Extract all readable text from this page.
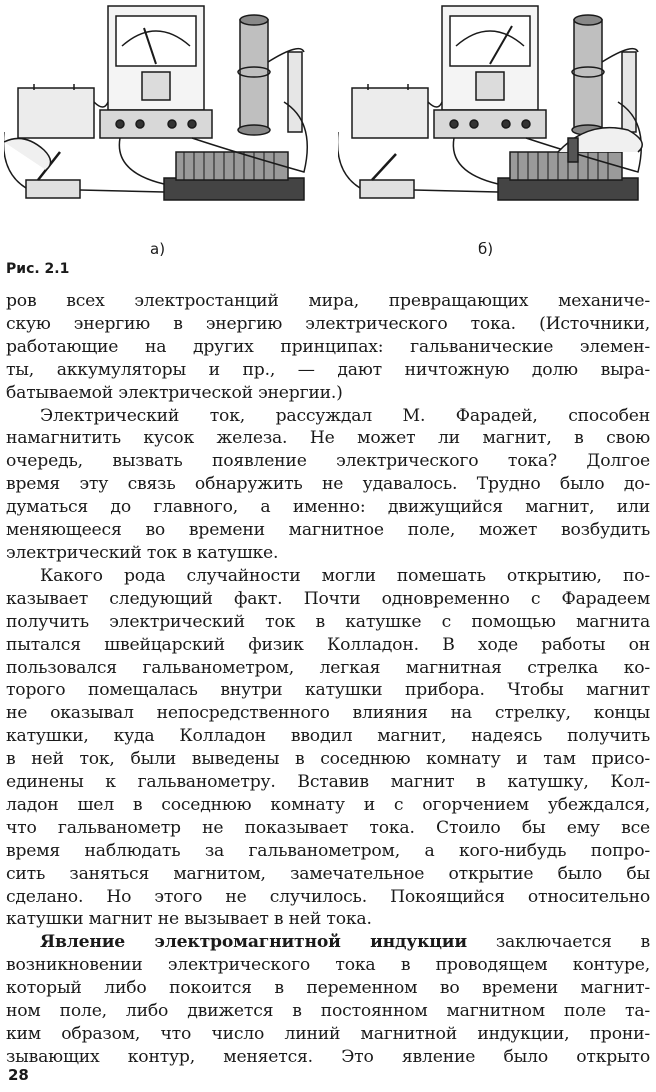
а)	б)
Рис. 2.1

ров всех электростанций мира, превращающих механиче-
скую энергию в энергию электрического тока. (Источники,
работающие на других принципах: гальванические элемен-
ты, аккумуляторы и пр., — дают ничтожную долю выра-
батываемой электрической энергии.)

Электрический ток, рассуждал М. Фарадей, способен
намагнитить кусок железа. Не может ли магнит, в свою
очередь, вызвать появление электрического тока? Долгое
время эту связь обнаружить не удавалось. Трудно было до-
думаться до главного, а именно: движущийся магнит, или
меняющееся во времени магнитное поле, может возбудить
электрический ток в катушке.

Какого рода случайности могли помешать открытию, по-
казывает следующий факт. Почти одновременно с Фарадеем
получить электрический ток в катушке с помощью магнита
пытался швейцарский физик Колладон. В ходе работы он
пользовался гальванометром, легкая магнитная стрелка ко-
торого помещалась внутри катушки прибора. Чтобы магнит
не оказывал непосредственного влияния на стрелку, концы
катушки, куда Колладон вводил магнит, надеясь получить
в ней ток, были выведены в соседнюю комнату и там присо-
единены к гальванометру. Вставив магнит в катушку, Кол-
ладон шел в соседнюю комнату и с огорчением убеждался,
что гальванометр не показывает тока. Стоило бы ему все
время наблюдать за гальванометром, а кого-нибудь попро-
сить заняться магнитом, замечательное открытие было бы
сделано. Но этого не случилось. Покоящийся относительно
катушки магнит не вызывает в ней тока.

Явление электромагнитной индукции заключается в
возникновении электрического тока в проводящем контуре,
который либо покоится в переменном во времени магнит-
ном поле, либо движется в постоянном магнитном поле та-
ким образом, что число линий магнитной индукции, прони-
зывающих контур, меняется. Это явление было открыто

28
